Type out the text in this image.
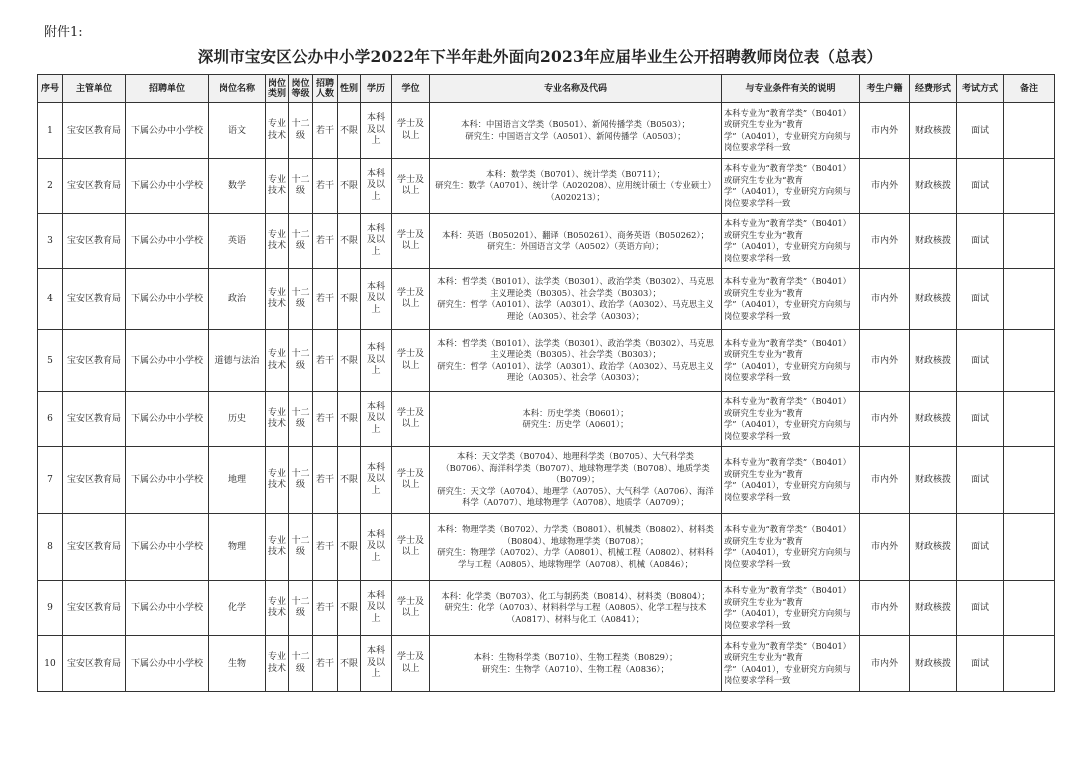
附件1:
深圳市宝安区公办中小学2022年下半年赴外面向2023年应届毕业生公开招聘教师岗位表（总表）
序号	主管单位	招聘单位	岗位名称	岗位类别	岗位等级	招聘人数	性别	学历	学位	专业名称及代码	与专业条件有关的说明	考生户籍	经费形式	考试方式	备注
1	宝安区教育局	下属公办中小学校	语文	专业技术	十二级	若干	不限	本科及以上	学士及以上	本科：中国语言文学类（B0501）、新闻传播学类（B0503）；
研究生：中国语言文学（A0501）、新闻传播学（A0503）；	本科专业为“教育学类”（B0401）或研究生专业为“教育学”（A0401），专业研究方向须与岗位要求学科一致	市内外	财政核拨	面试	
2	宝安区教育局	下属公办中小学校	数学	专业技术	十二级	若干	不限	本科及以上	学士及以上	本科：数学类（B0701）、统计学类（B0711）；
研究生：数学（A0701）、统计学（A020208）、应用统计硕士（专业硕士）（A020213）；	本科专业为“教育学类”（B0401）或研究生专业为“教育学”（A0401），专业研究方向须与岗位要求学科一致	市内外	财政核拨	面试	
3	宝安区教育局	下属公办中小学校	英语	专业技术	十二级	若干	不限	本科及以上	学士及以上	本科：英语（B050201）、翻译（B050261）、商务英语（B050262）；
研究生：外国语言文学（A0502）（英语方向）；	本科专业为“教育学类”（B0401）或研究生专业为“教育学”（A0401），专业研究方向须与岗位要求学科一致	市内外	财政核拨	面试	
4	宝安区教育局	下属公办中小学校	政治	专业技术	十二级	若干	不限	本科及以上	学士及以上	本科：哲学类（B0101）、法学类（B0301）、政治学类（B0302）、马克思主义理论类（B0305）、社会学类（B0303）；
研究生：哲学（A0101）、法学（A0301）、政治学（A0302）、马克思主义理论（A0305）、社会学（A0303）；	本科专业为“教育学类”（B0401）或研究生专业为“教育学”（A0401），专业研究方向须与岗位要求学科一致	市内外	财政核拨	面试	
5	宝安区教育局	下属公办中小学校	道德与法治	专业技术	十二级	若干	不限	本科及以上	学士及以上	本科：哲学类（B0101）、法学类（B0301）、政治学类（B0302）、马克思主义理论类（B0305）、社会学类（B0303）；
研究生：哲学（A0101）、法学（A0301）、政治学（A0302）、马克思主义理论（A0305）、社会学（A0303）；	本科专业为“教育学类”（B0401）或研究生专业为“教育学”（A0401），专业研究方向须与岗位要求学科一致	市内外	财政核拨	面试	
6	宝安区教育局	下属公办中小学校	历史	专业技术	十二级	若干	不限	本科及以上	学士及以上	本科：历史学类（B0601）；
研究生：历史学（A0601）；	本科专业为“教育学类”（B0401）或研究生专业为“教育学”（A0401），专业研究方向须与岗位要求学科一致	市内外	财政核拨	面试	
7	宝安区教育局	下属公办中小学校	地理	专业技术	十二级	若干	不限	本科及以上	学士及以上	本科：天文学类（B0704）、地理科学类（B0705）、大气科学类（B0706）、海洋科学类（B0707）、地球物理学类（B0708）、地质学类（B0709）；
研究生：天文学（A0704）、地理学（A0705）、大气科学（A0706）、海洋科学（A0707）、地球物理学（A0708）、地质学（A0709）；	本科专业为“教育学类”（B0401）或研究生专业为“教育学”（A0401），专业研究方向须与岗位要求学科一致	市内外	财政核拨	面试	
8	宝安区教育局	下属公办中小学校	物理	专业技术	十二级	若干	不限	本科及以上	学士及以上	本科：物理学类（B0702）、力学类（B0801）、机械类（B0802）、材料类（B0804）、地球物理学类（B0708）；
研究生：物理学（A0702）、力学（A0801）、机械工程（A0802）、材料科学与工程（A0805）、地球物理学（A0708）、机械（A0846）；	本科专业为“教育学类”（B0401）或研究生专业为“教育学”（A0401），专业研究方向须与岗位要求学科一致	市内外	财政核拨	面试	
9	宝安区教育局	下属公办中小学校	化学	专业技术	十二级	若干	不限	本科及以上	学士及以上	本科：化学类（B0703）、化工与制药类（B0814）、材料类（B0804）；
研究生：化学（A0703）、材料科学与工程（A0805）、化学工程与技术（A0817）、材料与化工（A0841）；	本科专业为“教育学类”（B0401）或研究生专业为“教育学”（A0401），专业研究方向须与岗位要求学科一致	市内外	财政核拨	面试	
10	宝安区教育局	下属公办中小学校	生物	专业技术	十二级	若干	不限	本科及以上	学士及以上	本科：生物科学类（B0710）、生物工程类（B0829）；
研究生：生物学（A0710）、生物工程（A0836）；	本科专业为“教育学类”（B0401）或研究生专业为“教育学”（A0401），专业研究方向须与岗位要求学科一致	市内外	财政核拨	面试	
